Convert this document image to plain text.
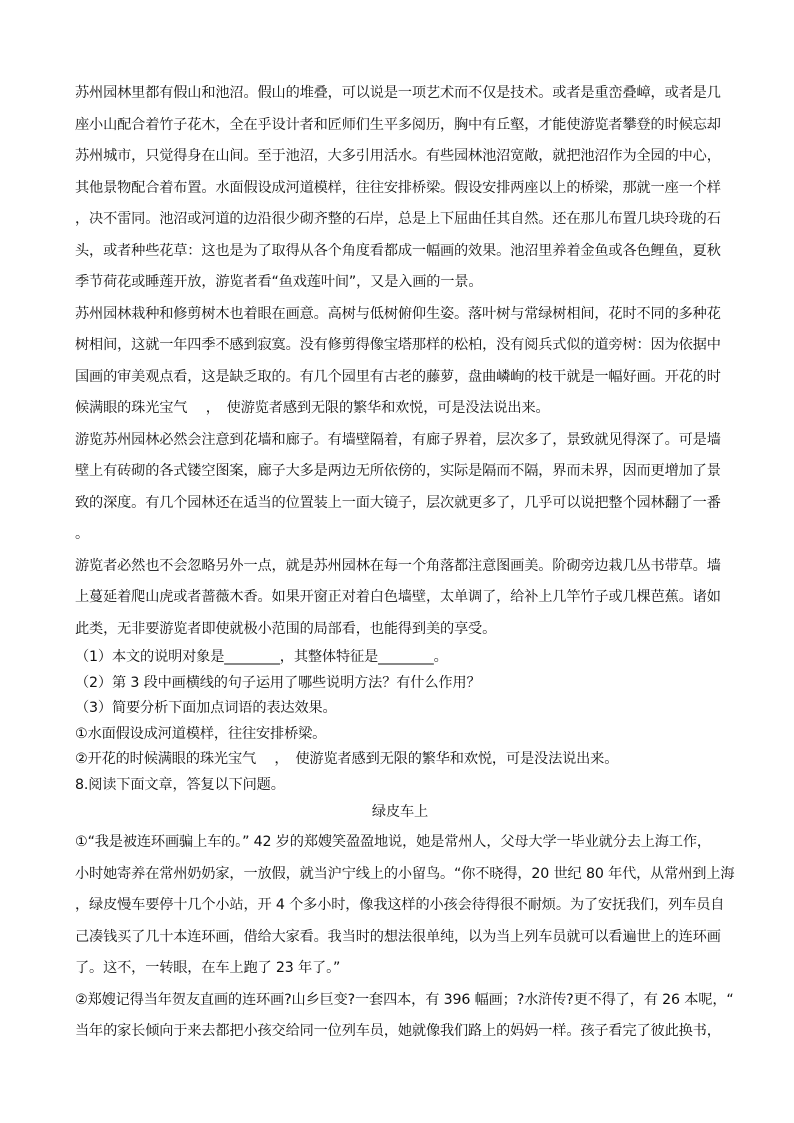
苏州园林里都有假山和池沼。假山的堆叠，可以说是一项艺术而不仅是技术。或者是重峦叠嶂，或者是几
座小山配合着竹子花木，全在乎设计者和匠师们生平多阅历，胸中有丘壑，才能使游览者攀登的时候忘却
苏州城市，只觉得身在山间。至于池沼，大多引用活水。有些园林池沼宽敞，就把池沼作为全园的中心，
其他景物配合着布置。水面假设成河道模样，往往安排桥梁。假设安排两座以上的桥梁，那就一座一个样
，决不雷同。池沼或河道的边沿很少砌齐整的石岸，总是上下屈曲任其自然。还在那儿布置几块玲珑的石
头，或者种些花草：这也是为了取得从各个角度看都成一幅画的效果。池沼里养着金鱼或各色鲤鱼，夏秋
季节荷花或睡莲开放，游览者看“鱼戏莲叶间”，又是入画的一景。
苏州园林栽种和修剪树木也着眼在画意。高树与低树俯仰生姿。落叶树与常绿树相间，花时不同的多种花
树相间，这就一年四季不感到寂寞。没有修剪得像宝塔那样的松柏，没有阅兵式似的道旁树：因为依据中
国画的审美观点看，这是缺乏取的。有几个园里有古老的藤萝，盘曲嶙峋的枝干就是一幅好画。开花的时
候满眼的珠光宝气　 ，　使游览者感到无限的繁华和欢悦，可是没法说出来。
游览苏州园林必然会注意到花墙和廊子。有墙壁隔着，有廊子界着，层次多了，景致就见得深了。可是墙
壁上有砖砌的各式镂空图案，廊子大多是两边无所依傍的，实际是隔而不隔，界而未界，因而更增加了景
致的深度。有几个园林还在适当的位置装上一面大镜子，层次就更多了，几乎可以说把整个园林翻了一番
。
游览者必然也不会忽略另外一点，就是苏州园林在每一个角落都注意图画美。阶砌旁边栽几丛书带草。墙
上蔓延着爬山虎或者蔷薇木香。如果开窗正对着白色墙壁，太单调了，给补上几竿竹子或几棵芭蕉。诸如
此类，无非要游览者即使就极小范围的局部看，也能得到美的享受。
（1）本文的说明对象是________，其整体特征是________。
（2）第 3 段中画横线的句子运用了哪些说明方法？有什么作用？
（3）简要分析下面加点词语的表达效果。
①水面假设成河道模样，往往安排桥梁。
②开花的时候满眼的珠光宝气　 ，　使游览者感到无限的繁华和欢悦，可是没法说出来。
8.阅读下面文章，答复以下问题。
绿皮车上
①“我是被连环画骗上车的。” 42 岁的郑嫂笑盈盈地说，她是常州人，父母大学一毕业就分去上海工作，
小时她寄养在常州奶奶家，一放假，就当沪宁线上的小留鸟。“你不晓得，20 世纪 80 年代，从常州到上海
，绿皮慢车要停十几个小站，开 4 个多小时，像我这样的小孩会待得很不耐烦。为了安抚我们，列车员自
己凑钱买了几十本连环画，借给大家看。我当时的想法很单纯，以为当上列车员就可以看遍世上的连环画
了。这不，一转眼，在车上跑了 23 年了。”
②郑嫂记得当年贺友直画的连环画?山乡巨变?一套四本，有 396 幅画；?水浒传?更不得了，有 26 本呢，“
当年的家长倾向于来去都把小孩交给同一位列车员，她就像我们路上的妈妈一样。孩子看完了彼此换书，
